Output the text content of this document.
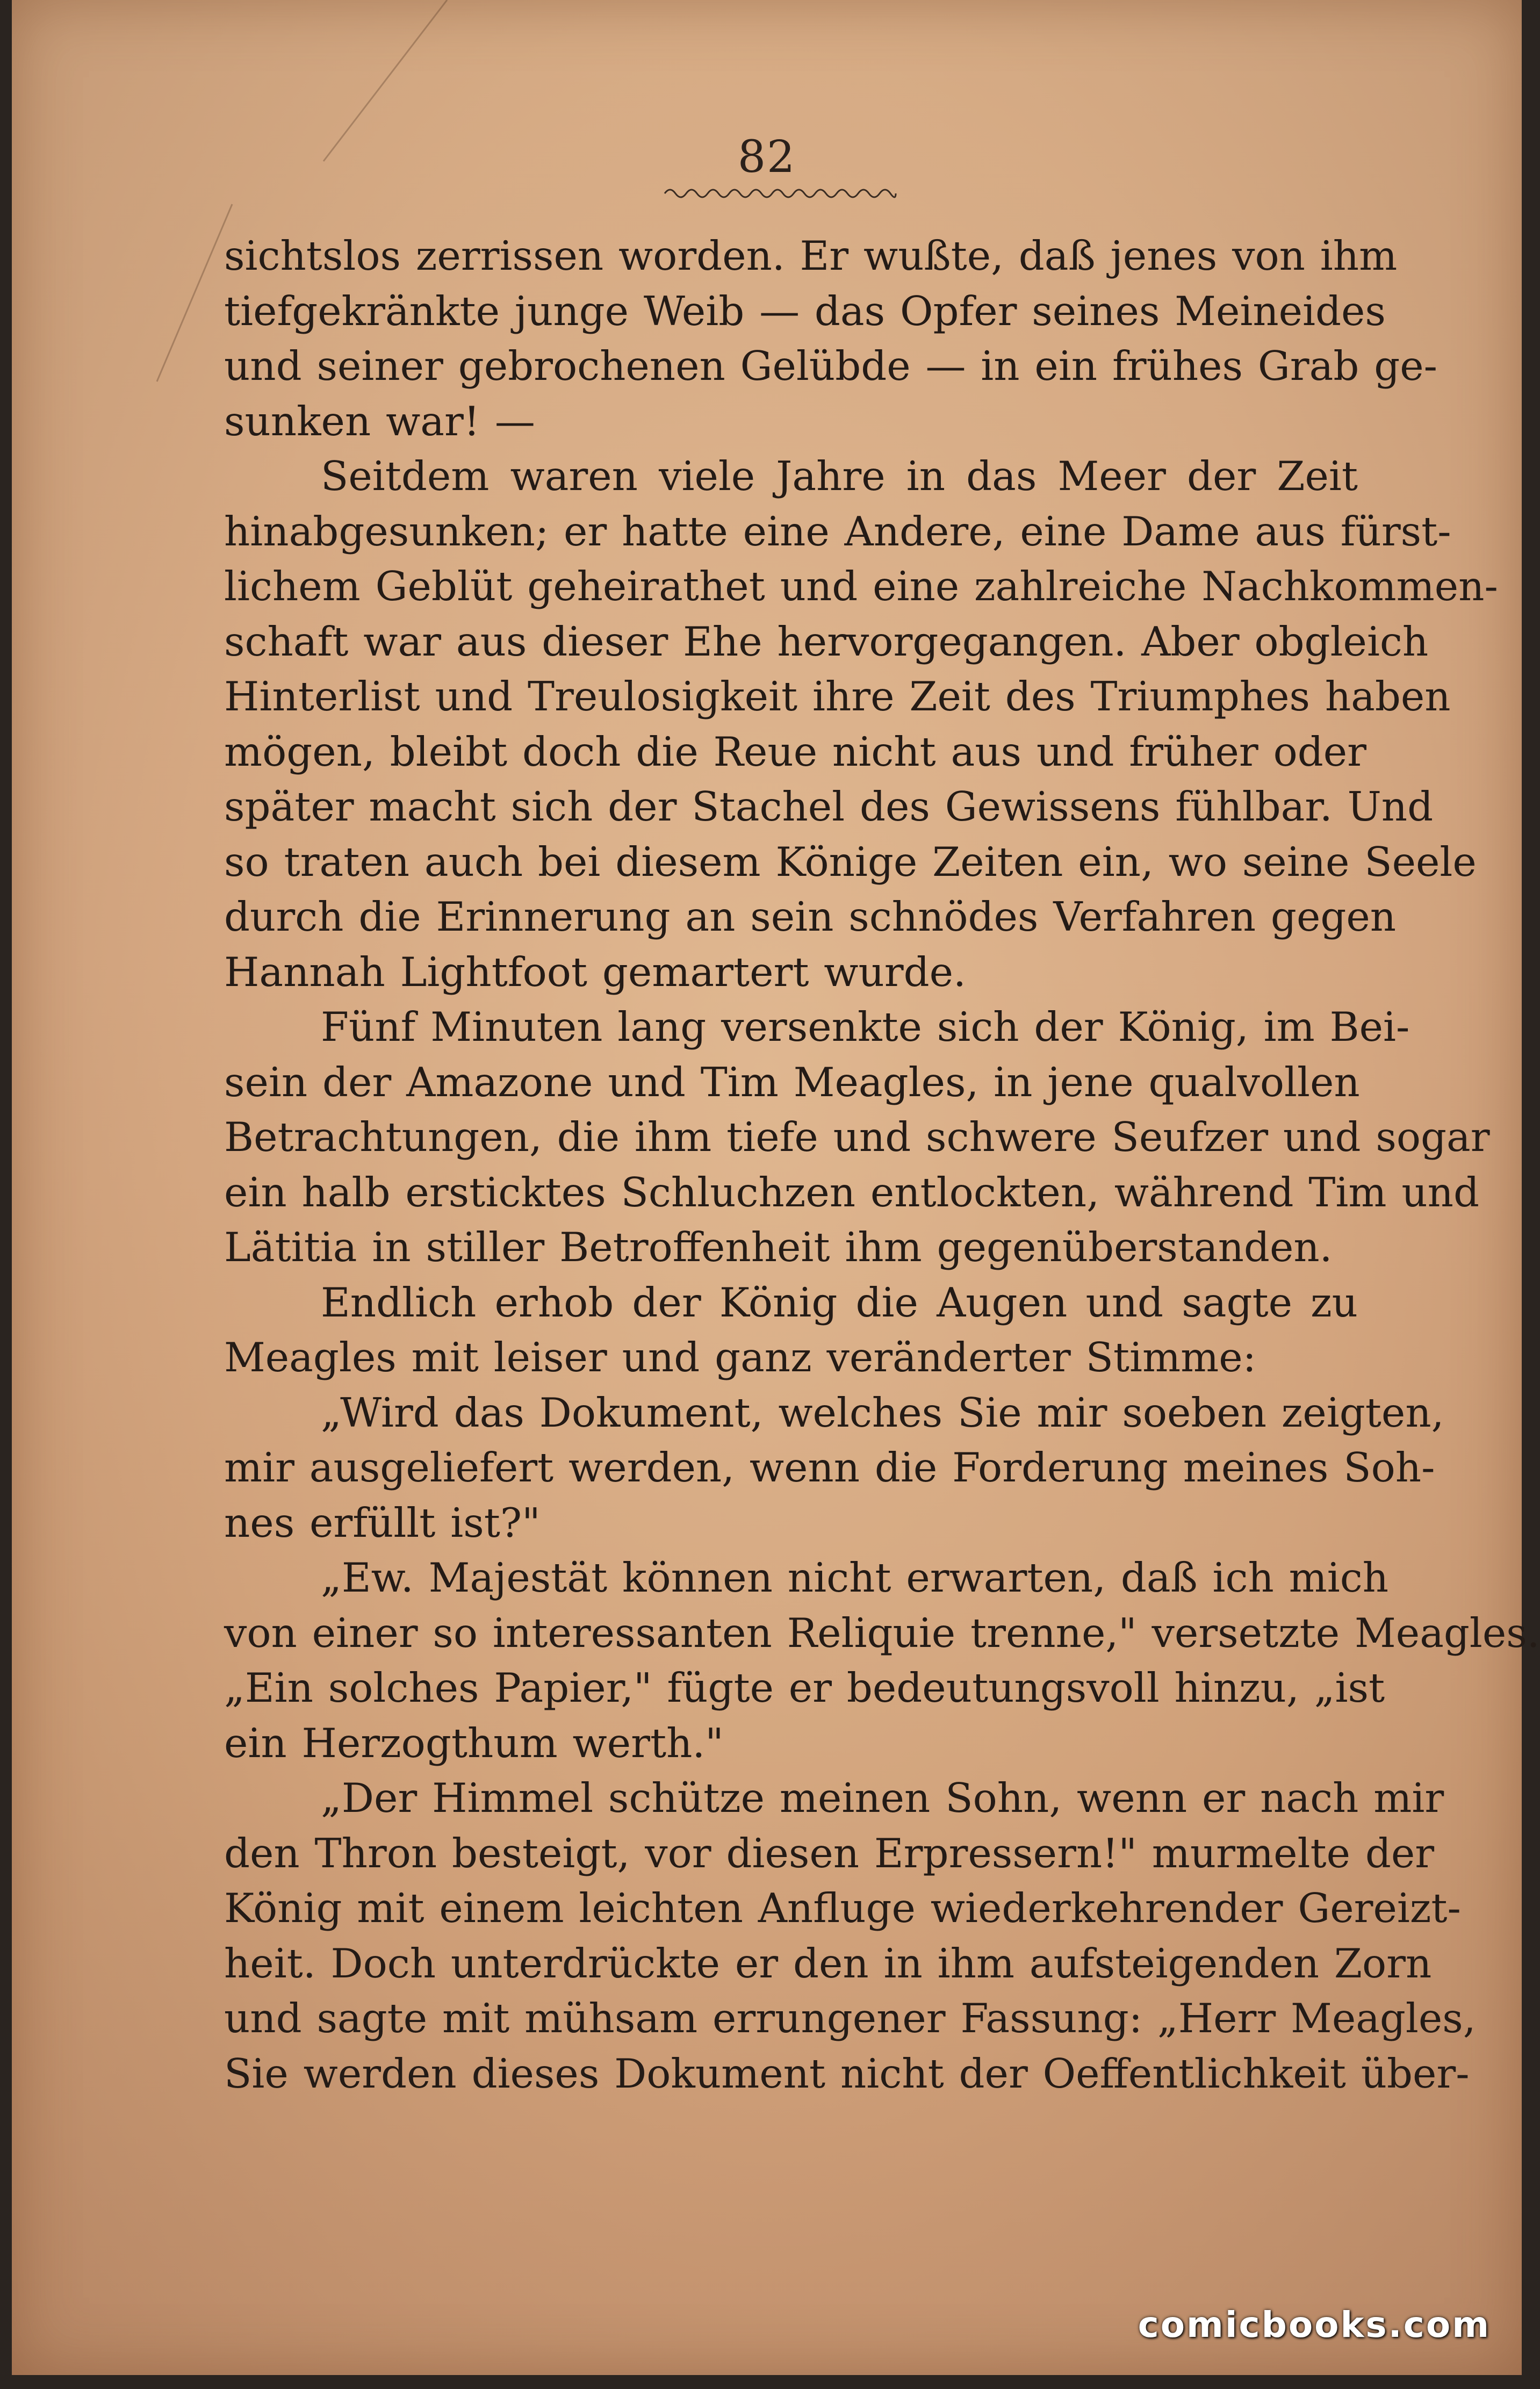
82
sichtslos zerrissen worden. Er wußte, daß jenes von ihm
tiefgekränkte junge Weib — das Opfer seines Meineides
und seiner gebrochenen Gelübde — in ein frühes Grab ge-
sunken war! —
Seitdem waren viele Jahre in das Meer der Zeit
hinabgesunken; er hatte eine Andere, eine Dame aus fürst-
lichem Geblüt geheirathet und eine zahlreiche Nachkommen-
schaft war aus dieser Ehe hervorgegangen. Aber obgleich
Hinterlist und Treulosigkeit ihre Zeit des Triumphes haben
mögen, bleibt doch die Reue nicht aus und früher oder
später macht sich der Stachel des Gewissens fühlbar. Und
so traten auch bei diesem Könige Zeiten ein, wo seine Seele
durch die Erinnerung an sein schnödes Verfahren gegen
Hannah Lightfoot gemartert wurde.
Fünf Minuten lang versenkte sich der König, im Bei-
sein der Amazone und Tim Meagles, in jene qualvollen
Betrachtungen, die ihm tiefe und schwere Seufzer und sogar
ein halb ersticktes Schluchzen entlockten, während Tim und
Lätitia in stiller Betroffenheit ihm gegenüberstanden.
Endlich erhob der König die Augen und sagte zu
Meagles mit leiser und ganz veränderter Stimme:
„Wird das Dokument, welches Sie mir soeben zeigten,
mir ausgeliefert werden, wenn die Forderung meines Soh-
nes erfüllt ist?"
„Ew. Majestät können nicht erwarten, daß ich mich
von einer so interessanten Reliquie trenne," versetzte Meagles.
„Ein solches Papier," fügte er bedeutungsvoll hinzu, „ist
ein Herzogthum werth."
„Der Himmel schütze meinen Sohn, wenn er nach mir
den Thron besteigt, vor diesen Erpressern!" murmelte der
König mit einem leichten Anfluge wiederkehrender Gereizt-
heit. Doch unterdrückte er den in ihm aufsteigenden Zorn
und sagte mit mühsam errungener Fassung: „Herr Meagles,
Sie werden dieses Dokument nicht der Oeffentlichkeit über-
comicbooks.com
